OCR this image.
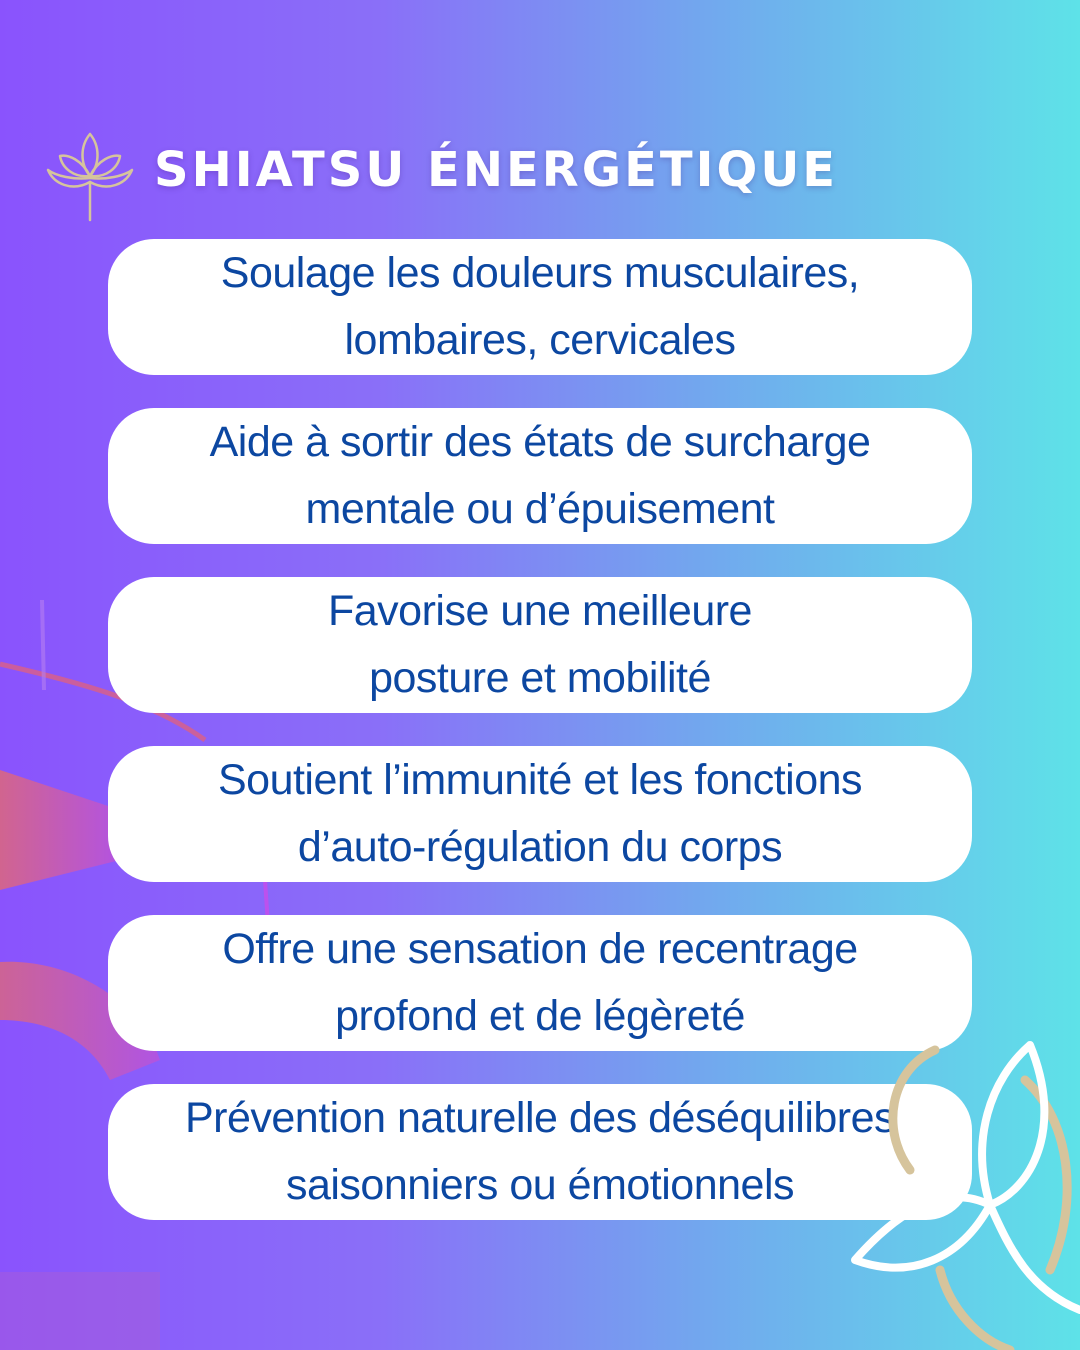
SHIATSU ÉNERGÉTIQUE
Soulage les douleurs musculaires,
lombaires, cervicales
Aide à sortir des états de surcharge
mentale ou d’épuisement
Favorise une meilleure
posture et mobilité
Soutient l’immunité et les fonctions
d’auto-régulation du corps
Offre une sensation de recentrage
profond et de légèreté
Prévention naturelle des déséquilibres
saisonniers ou émotionnels
